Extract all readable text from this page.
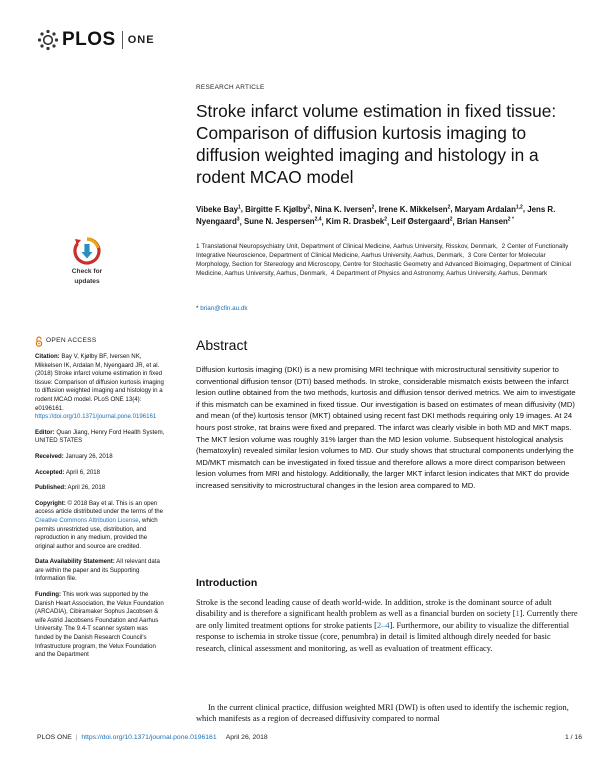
PLOS ONE
RESEARCH ARTICLE
Stroke infarct volume estimation in fixed tissue: Comparison of diffusion kurtosis imaging to diffusion weighted imaging and histology in a rodent MCAO model
Vibeke Bay$^1$, Birgitte F. Kjølby$^2$, Nina K. Iversen$^2$, Irene K. Mikkelsen$^2$, Maryam Ardalan$^{1,2}$, Jens R. Nyengaard$^3$, Sune N. Jespersen$^{2,4}$, Kim R. Drasbek$^2$, Leif Østergaard$^2$, Brian Hansen$^{2 *}$
1 Translational Neuropsychiatry Unit, Department of Clinical Medicine, Aarhus University, Risskov, Denmark, 2 Center of Functionally Integrative Neuroscience, Department of Clinical Medicine, Aarhus University, Aarhus, Denmark, 3 Core Center for Molecular Morphology, Section for Stereology and Microscopy, Centre for Stochastic Geometry and Advanced Bioimaging, Department of Clinical Medicine, Aarhus University, Aarhus, Denmark, 4 Department of Physics and Astronomy, Aarhus University, Aarhus, Denmark
* brian@cfin.au.dk
Check for
updates
OPEN ACCESS

Citation: Bay V, Kjølby BF, Iversen NK, Mikkelsen IK, Ardalan M, Nyengaard JR, et al. (2018) Stroke infarct volume estimation in fixed tissue: Comparison of diffusion kurtosis imaging to diffusion weighted imaging and histology in a rodent MCAO model. PLoS ONE 13(4): e0196161. https://doi.org/10.1371/journal.pone.0196161

Editor: Quan Jiang, Henry Ford Health System, UNITED STATES

Received: January 26, 2018

Accepted: April 6, 2018

Published: April 26, 2018

Copyright: © 2018 Bay et al. This is an open access article distributed under the terms of the Creative Commons Attribution License, which permits unrestricted use, distribution, and reproduction in any medium, provided the original author and source are credited.

Data Availability Statement: All relevant data are within the paper and its Supporting Information file.

Funding: This work was supported by the Danish Heart Association, the Velux Foundation (ARCADIA), Cibiramaker Sophus Jacobsen & wife Astrid Jacobsens Foundation and Aarhus University. The 9.4-T scanner system was funded by the Danish Research Council's Infrastructure program, the Velux Foundation and the Department

Abstract

Diffusion kurtosis imaging (DKI) is a new promising MRI technique with microstructural sensitivity superior to conventional diffusion tensor (DTI) based methods. In stroke, considerable mismatch exists between the infarct lesion outline obtained from the two methods, kurtosis and diffusion tensor derived metrics. We aim to investigate if this mismatch can be examined in fixed tissue. Our investigation is based on estimates of mean diffusivity (MD) and mean (of the) kurtosis tensor (MKT) obtained using recent fast DKI methods requiring only 19 images. At 24 hours post stroke, rat brains were fixed and prepared. The infarct was clearly visible in both MD and MKT maps. The MKT lesion volume was roughly 31% larger than the MD lesion volume. Subsequent histological analysis (hematoxylin) revealed similar lesion volumes to MD. Our study shows that structural components underlying the MD/MKT mismatch can be investigated in fixed tissue and therefore allows a more direct comparison between lesion volumes from MRI and histology. Additionally, the larger MKT infarct lesion indicates that MKT do provide increased sensitivity to microstructural changes in the lesion area compared to MD.

Introduction

Stroke is the second leading cause of death world-wide. In addition, stroke is the dominant source of adult disability and is therefore a significant health problem as well as a financial burden on society [1]. Currently there are only limited treatment options for stroke patients [2–4]. Furthermore, our ability to visualize the differential response to ischemia in stroke tissue (core, penumbra) in detail is limited although direly needed for basic research, clinical assessment and monitoring, as well as evaluation of treatment efficacy.

In the current clinical practice, diffusion weighted MRI (DWI) is often used to identify the ischemic region, which manifests as a region of decreased diffusivity compared to normal

PLOS ONE | https://doi.org/10.1371/journal.pone.0196161 April 26, 2018	1 / 16
